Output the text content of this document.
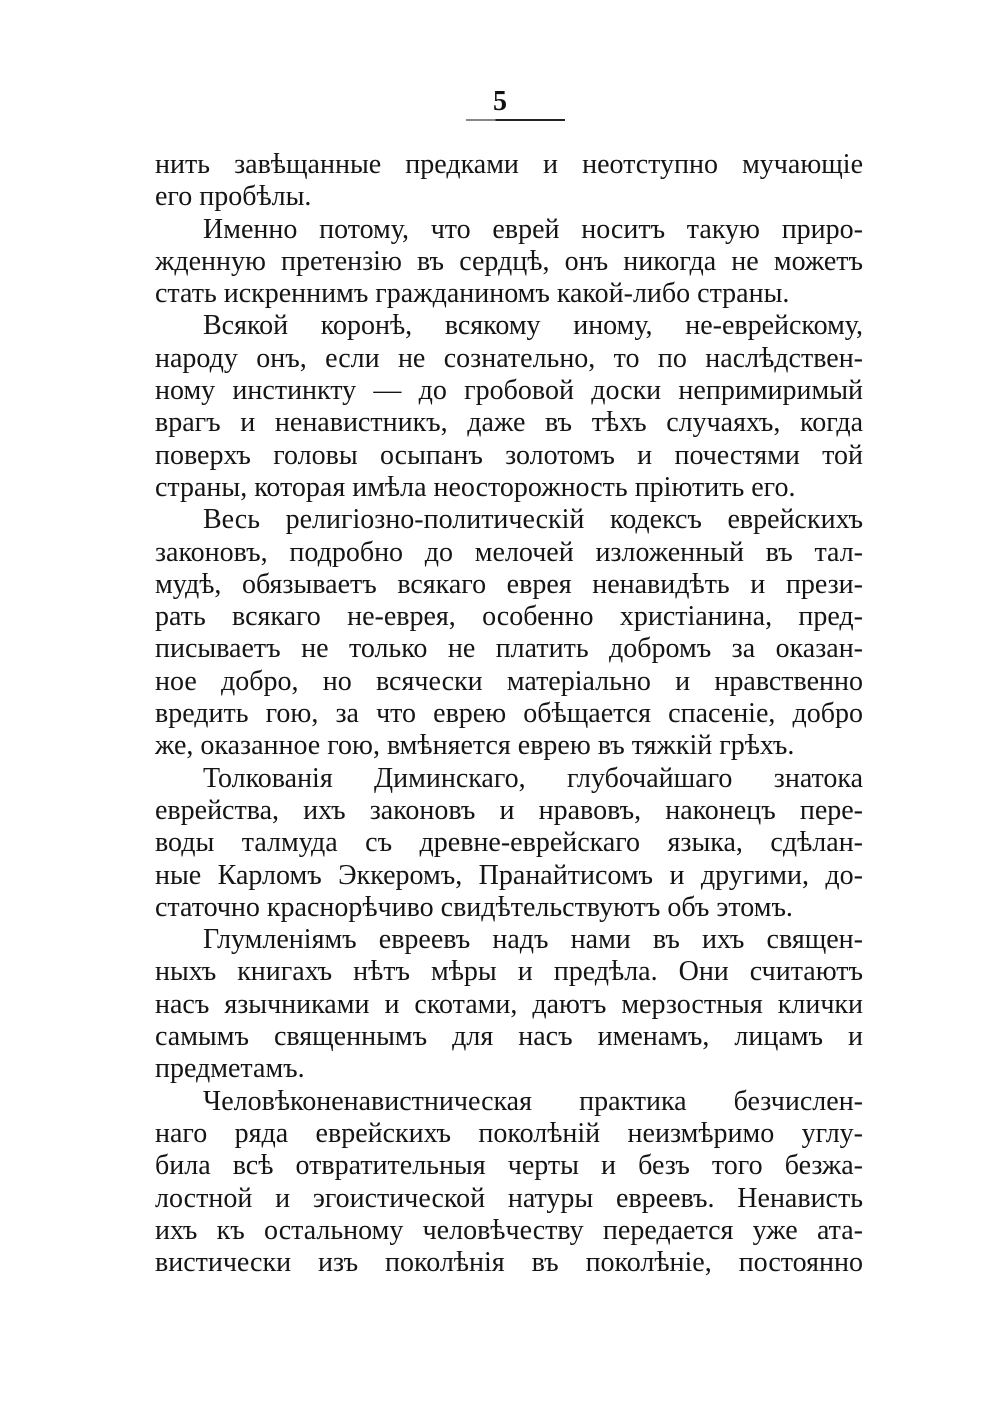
5
нить завѣщанные предками и неотступно мучающіе
его пробѣлы.
Именно потому, что еврей носитъ такую приро-
жденную претензію въ сердцѣ, онъ никогда не можетъ
стать искреннимъ гражданиномъ какой-либо страны.
Всякой коронѣ, всякому иному, не-еврейскому,
народу онъ, если не сознательно, то по наслѣдствен-
ному инстинкту — до гробовой доски непримиримый
врагъ и ненавистникъ, даже въ тѣхъ случаяхъ, когда
поверхъ головы осыпанъ золотомъ и почестями той
страны, которая имѣла неосторожность пріютить его.
Весь религіозно-политическій кодексъ еврейскихъ
законовъ, подробно до мелочей изложенный въ тал-
мудѣ, обязываетъ всякаго еврея ненавидѣть и прези-
рать всякаго не-еврея, особенно христіанина, пред-
писываетъ не только не платить добромъ за оказан-
ное добро, но всячески матеріально и нравственно
вредить гою, за что еврею обѣщается спасеніе, добро
же, оказанное гою, вмѣняется еврею въ тяжкій грѣхъ.
Толкованія Диминскаго, глубочайшаго знатока
еврейства, ихъ законовъ и нравовъ, наконецъ пере-
воды талмуда съ древне-еврейскаго языка, сдѣлан-
ные Карломъ Эккеромъ, Пранайтисомъ и другими, до-
статочно краснорѣчиво свидѣтельствуютъ объ этомъ.
Глумленіямъ евреевъ надъ нами въ ихъ священ-
ныхъ книгахъ нѣтъ мѣры и предѣла. Они считаютъ
насъ язычниками и скотами, даютъ мерзостныя клички
самымъ священнымъ для насъ именамъ, лицамъ и
предметамъ.
Человѣконенавистническая практика безчислен-
наго ряда еврейскихъ поколѣній неизмѣримо углу-
била всѣ отвратительныя черты и безъ того безжа-
лостной и эгоистической натуры евреевъ. Ненависть
ихъ къ остальному человѣчеству передается уже ата-
вистически изъ поколѣнія въ поколѣніе, постоянно
